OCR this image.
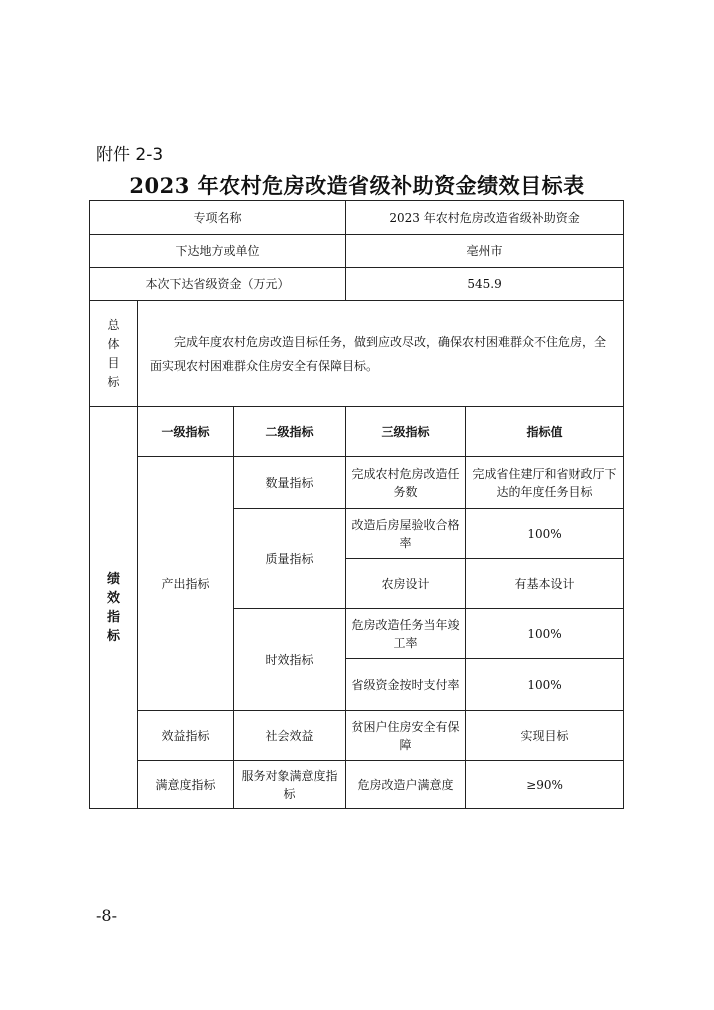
附件 2-3
2023 年农村危房改造省级补助资金绩效目标表
专项名称			2023 年农村危房改造省级补助资金	
下达地方或单位			亳州市	
本次下达省级资金（万元）			545.9	

总体目标	完成年度农村危房改造目标任务，做到应改尽改，确保农村困难群众不住危房，全面实现农村困难群众住房安全有保障目标。			

绩效指标	一级指标	二级指标	三级指标	指标值
	产出指标	数量指标	完成农村危房改造任务数	完成省住建厅和省财政厅下达的年度任务目标
		质量指标	改造后房屋验收合格率	100%
			农房设计	有基本设计
		时效指标	危房改造任务当年竣工率	100%
			省级资金按时支付率	100%
	效益指标	社会效益	贫困户住房安全有保障	实现目标
	满意度指标	服务对象满意度指标	危房改造户满意度	≥90%
-8-
